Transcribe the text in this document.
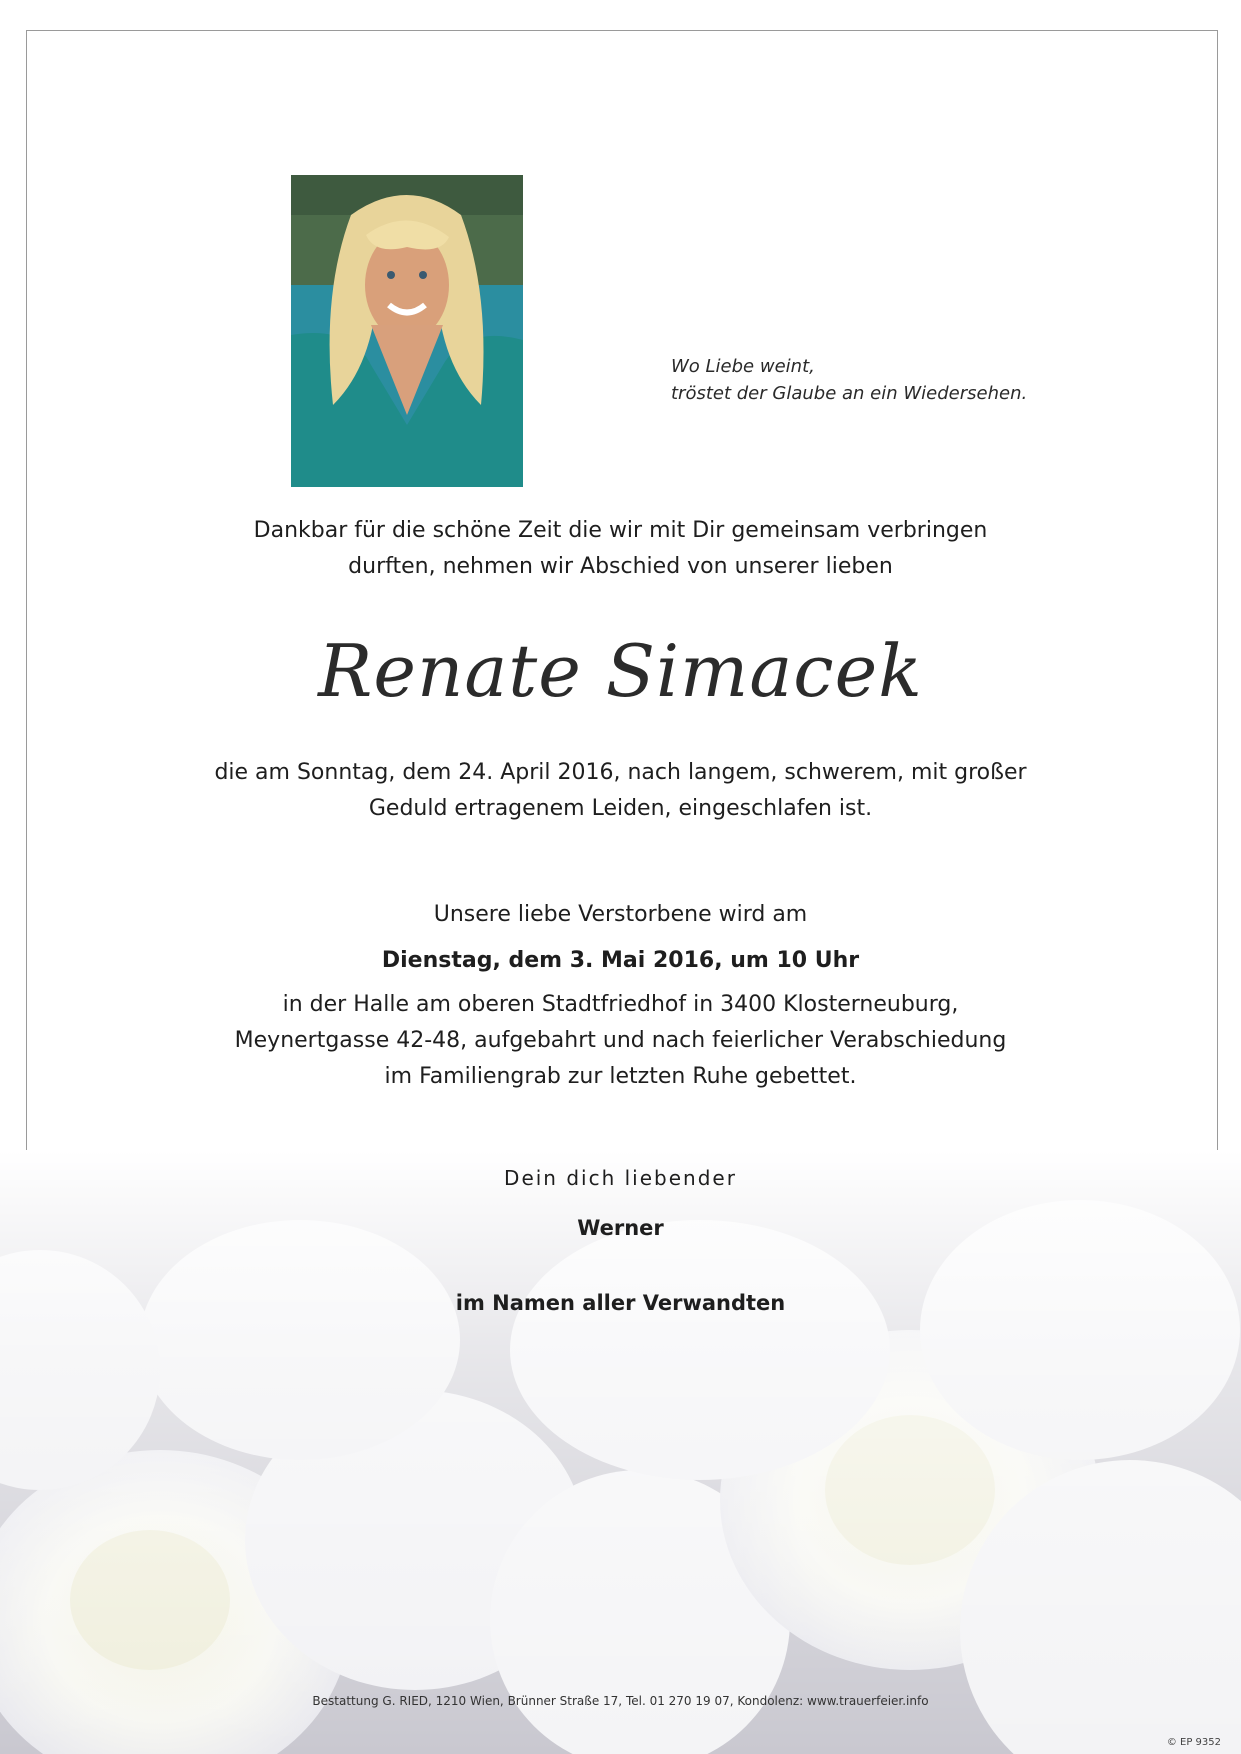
Wo Liebe weint,
tröstet der Glaube an ein Wiedersehen.
Dankbar für die schöne Zeit die wir mit Dir gemeinsam verbringen
durften, nehmen wir Abschied von unserer lieben
Renate Simacek
die am Sonntag, dem 24. April 2016, nach langem, schwerem, mit großer
Geduld ertragenem Leiden, eingeschlafen ist.
Unsere liebe Verstorbene wird am
Dienstag, dem 3. Mai 2016, um 10 Uhr
in der Halle am oberen Stadtfriedhof in 3400 Klosterneuburg,
Meynertgasse 42-48, aufgebahrt und nach feierlicher Verabschiedung
im Familiengrab zur letzten Ruhe gebettet.
Dein dich liebender
Werner
im Namen aller Verwandten
Bestattung G. RIED, 1210 Wien, Brünner Straße 17, Tel. 01 270 19 07, Kondolenz: www.trauerfeier.info
© EP 9352
